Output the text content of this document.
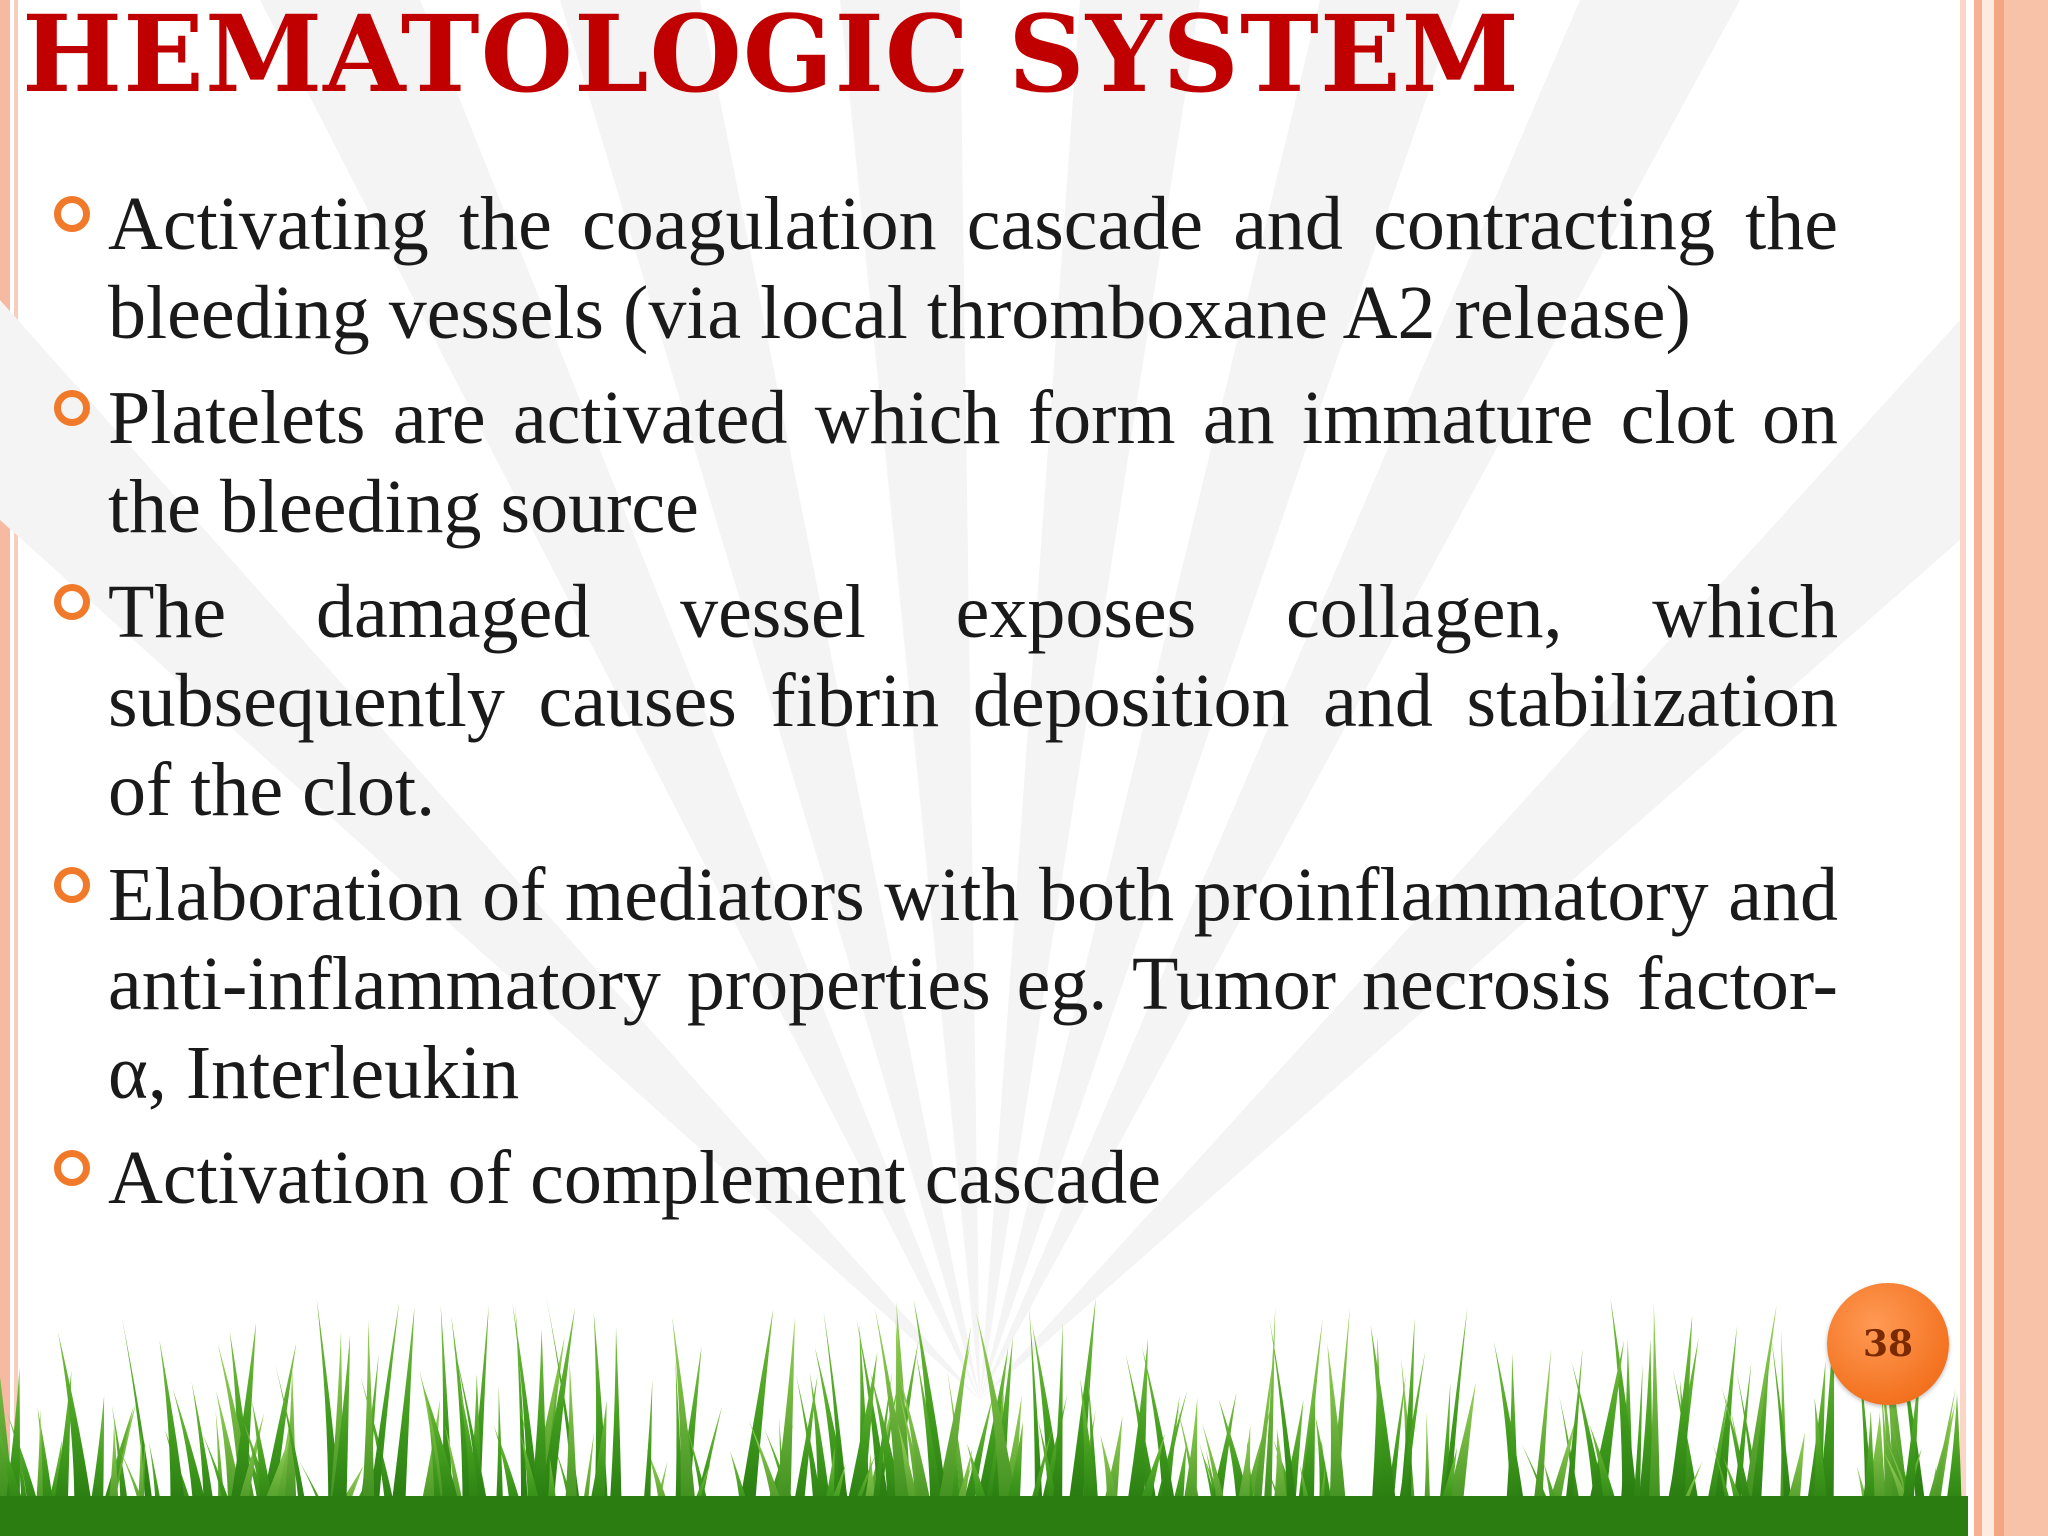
HEMATOLOGIC SYSTEM
Activating the coagulation cascade and contracting the bleeding vessels (via local thromboxane A2 release)
Platelets are activated which form an immature clot on the bleeding source
The damaged vessel exposes collagen, which subsequently causes fibrin deposition and stabilization of the clot.
Elaboration of mediators with both proinflammatory and anti-inflammatory properties eg. Tumor necrosis factor-α, Interleukin
Activation of complement cascade
38
